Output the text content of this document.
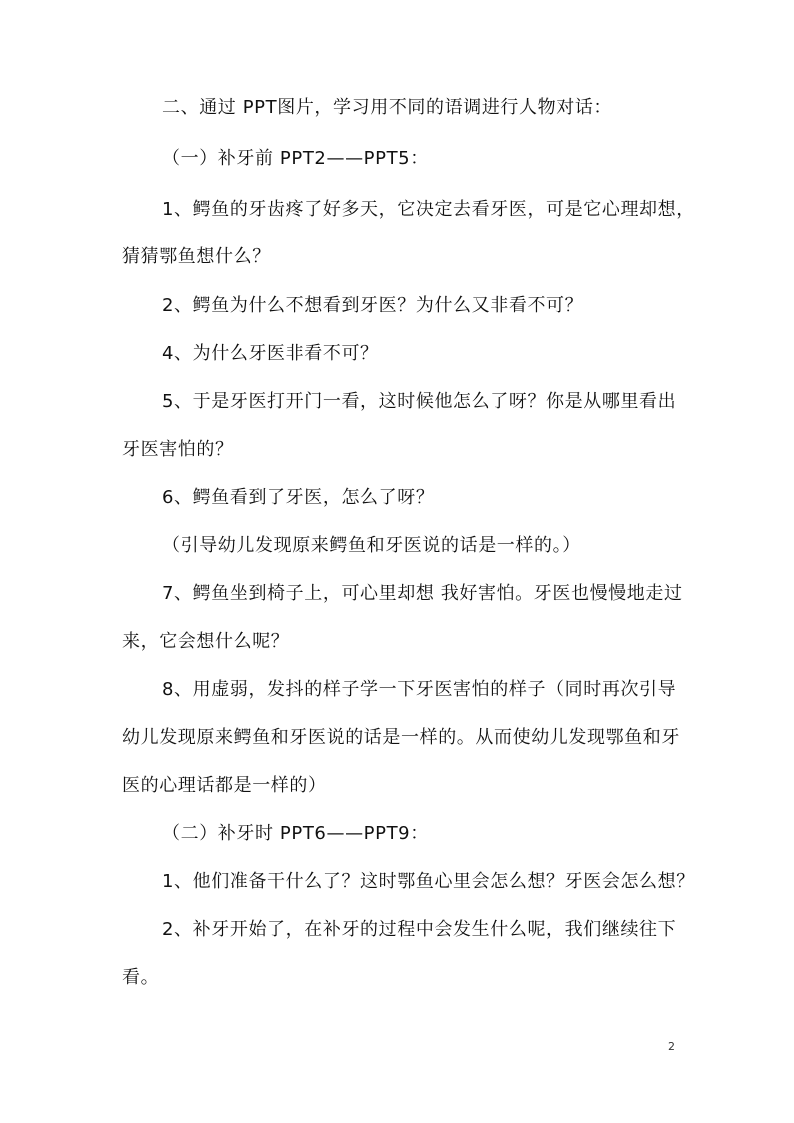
二、通过 PPT图片，学习用不同的语调进行人物对话：
（一）补牙前 PPT2——PPT5：
1、鳄鱼的牙齿疼了好多天，它决定去看牙医，可是它心理却想，
猜猜鄂鱼想什么？
2、鳄鱼为什么不想看到牙医？为什么又非看不可？
4、为什么牙医非看不可？
5、于是牙医打开门一看，这时候他怎么了呀？你是从哪里看出
牙医害怕的？
6、鳄鱼看到了牙医，怎么了呀？
（引导幼儿发现原来鳄鱼和牙医说的话是一样的。）
7、鳄鱼坐到椅子上，可心里却想 我好害怕。牙医也慢慢地走过
来，它会想什么呢？
8、用虚弱，发抖的样子学一下牙医害怕的样子（同时再次引导
幼儿发现原来鳄鱼和牙医说的话是一样的。从而使幼儿发现鄂鱼和牙
医的心理话都是一样的）
（二）补牙时 PPT6——PPT9：
1、他们准备干什么了？这时鄂鱼心里会怎么想？牙医会怎么想？
2、补牙开始了，在补牙的过程中会发生什么呢，我们继续往下
看。
2
